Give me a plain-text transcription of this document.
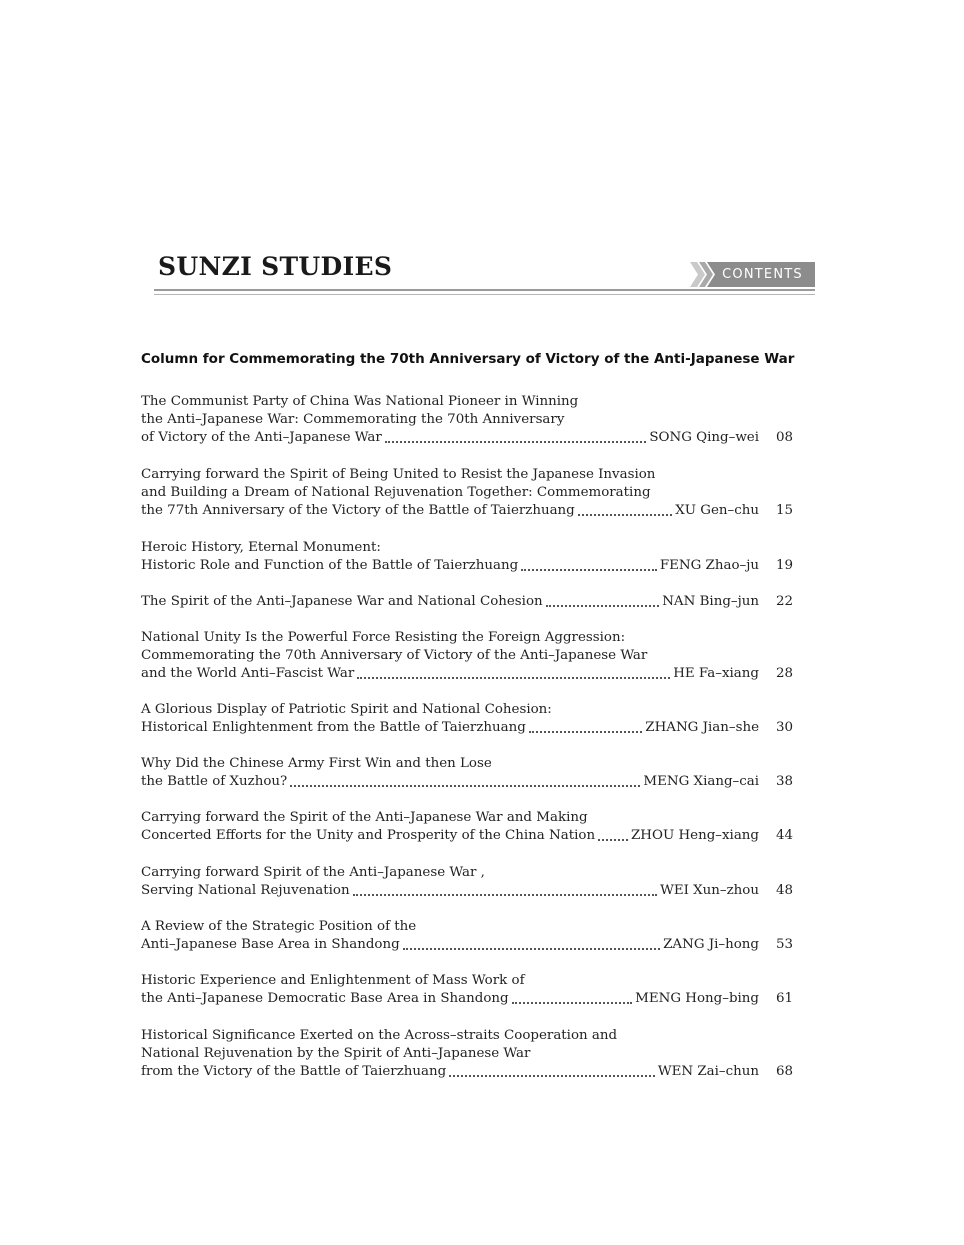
SUNZI STUDIES	CONTENTS
Column for Commemorating the 70th Anniversary of Victory of the Anti-Japanese War
The Communist Party of China Was National Pioneer in Winning
the Anti–Japanese War: Commemorating the 70th Anniversary
of Victory of the Anti–Japanese War	SONG Qing–wei	08
Carrying forward the Spirit of Being United to Resist the Japanese Invasion
and Building a Dream of National Rejuvenation Together: Commemorating
the 77th Anniversary of the Victory of the Battle of Taierzhuang	XU Gen–chu	15
Heroic History, Eternal Monument:
Historic Role and Function of the Battle of Taierzhuang	FENG Zhao–ju	19
The Spirit of the Anti–Japanese War and National Cohesion	NAN Bing–jun	22
National Unity Is the Powerful Force Resisting the Foreign Aggression:
Commemorating the 70th Anniversary of Victory of the Anti–Japanese War
and the World Anti–Fascist War	HE Fa–xiang	28
A Glorious Display of Patriotic Spirit and National Cohesion:
Historical Enlightenment from the Battle of Taierzhuang	ZHANG Jian–she	30
Why Did the Chinese Army First Win and then Lose
the Battle of Xuzhou?	MENG Xiang–cai	38
Carrying forward the Spirit of the Anti–Japanese War and Making
Concerted Efforts for the Unity and Prosperity of the China Nation	ZHOU Heng–xiang	44
Carrying forward Spirit of the Anti–Japanese War ,
Serving National Rejuvenation	WEI Xun–zhou	48
A Review of the Strategic Position of the
Anti–Japanese Base Area in Shandong	ZANG Ji–hong	53
Historic Experience and Enlightenment of Mass Work of
the Anti–Japanese Democratic Base Area in Shandong	MENG Hong–bing	61
Historical Significance Exerted on the Across–straits Cooperation and
National Rejuvenation by the Spirit of Anti–Japanese War
from the Victory of the Battle of Taierzhuang	WEN Zai–chun	68
